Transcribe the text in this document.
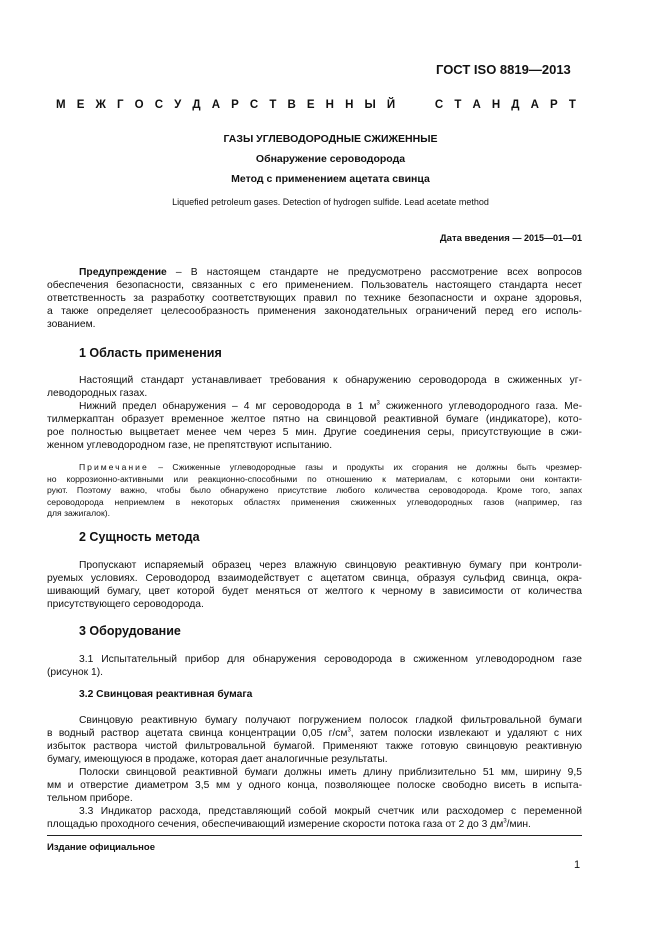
ГОСТ ISO 8819—2013
М Е Ж Г О С У Д А Р С Т В Е Н Н Ы Й

	С Т А Н Д А Р Т
ГАЗЫ УГЛЕВОДОРОДНЫЕ СЖИЖЕННЫЕ
Обнаружение сероводорода
Метод с применением ацетата свинца
Liquefied petroleum gases. Detection of hydrogen sulfide. Lead acetate method
Дата введения — 2015—01—01
Предупреждение – В настоящем стандарте не предусмотрено рассмотрение всех вопросов
обеспечения безопасности, связанных с его применением. Пользователь настоящего стандарта несет
ответственность за разработку соответствующих правил по технике безопасности и охране здоровья,
а также определяет целесообразность применения законодательных ограничений перед его исполь-
зованием.
1 Область применения
Настоящий стандарт устанавливает требования к обнаружению сероводорода в сжиженных уг-
леводородных газах.
Нижний предел обнаружения – 4 мг сероводорода в 1 $м^3$ сжиженного углеводородного газа. Ме-
тилмеркаптан образует временное желтое пятно на свинцовой реактивной бумаге (индикаторе), кото-
рое полностью выцветает менее чем через 5 мин. Другие соединения серы, присутствующие в сжи-
женном углеводородном газе, не препятствуют испытанию.
Примечание – Сжиженные углеводородные газы и продукты их сгорания не должны быть чрезмер-
но коррозионно-активными или реакционно-способными по отношению к материалам, с которыми они контакти-
руют. Поэтому важно, чтобы было обнаружено присутствие любого количества сероводорода. Кроме того, запах
сероводорода неприемлем в некоторых областях применения сжиженных углеводородных газов (например, газ
для зажигалок).
2 Сущность метода
Пропускают испаряемый образец через влажную свинцовую реактивную бумагу при контроли-
руемых условиях. Сероводород взаимодействует с ацетатом свинца, образуя сульфид свинца, окра-
шивающий бумагу, цвет которой будет меняться от желтого к черному в зависимости от количества
присутствующего сероводорода.
3 Оборудование
3.1 Испытательный прибор для обнаружения сероводорода в сжиженном углеводородном газе
(рисунок 1).
3.2 Свинцовая реактивная бумага
Свинцовую реактивную бумагу получают погружением полосок гладкой фильтровальной бумаги
в водный раствор ацетата свинца концентрации 0,05 $г/см^3$, затем полоски извлекают и удаляют с них
избыток раствора чистой фильтровальной бумагой. Применяют также готовую свинцовую реактивную
бумагу, имеющуюся в продаже, которая дает аналогичные результаты.
Полоски свинцовой реактивной бумаги должны иметь длину приблизительно 51 мм, ширину 9,5
мм и отверстие диаметром 3,5 мм у одного конца, позволяющее полоске свободно висеть в испыта-
тельном приборе.
3.3 Индикатор расхода, представляющий собой мокрый счетчик или расходомер с переменной
площадью проходного сечения, обеспечивающий измерение скорости потока газа от 2 до 3 $дм^3$/мин.
Издание официальное
1
